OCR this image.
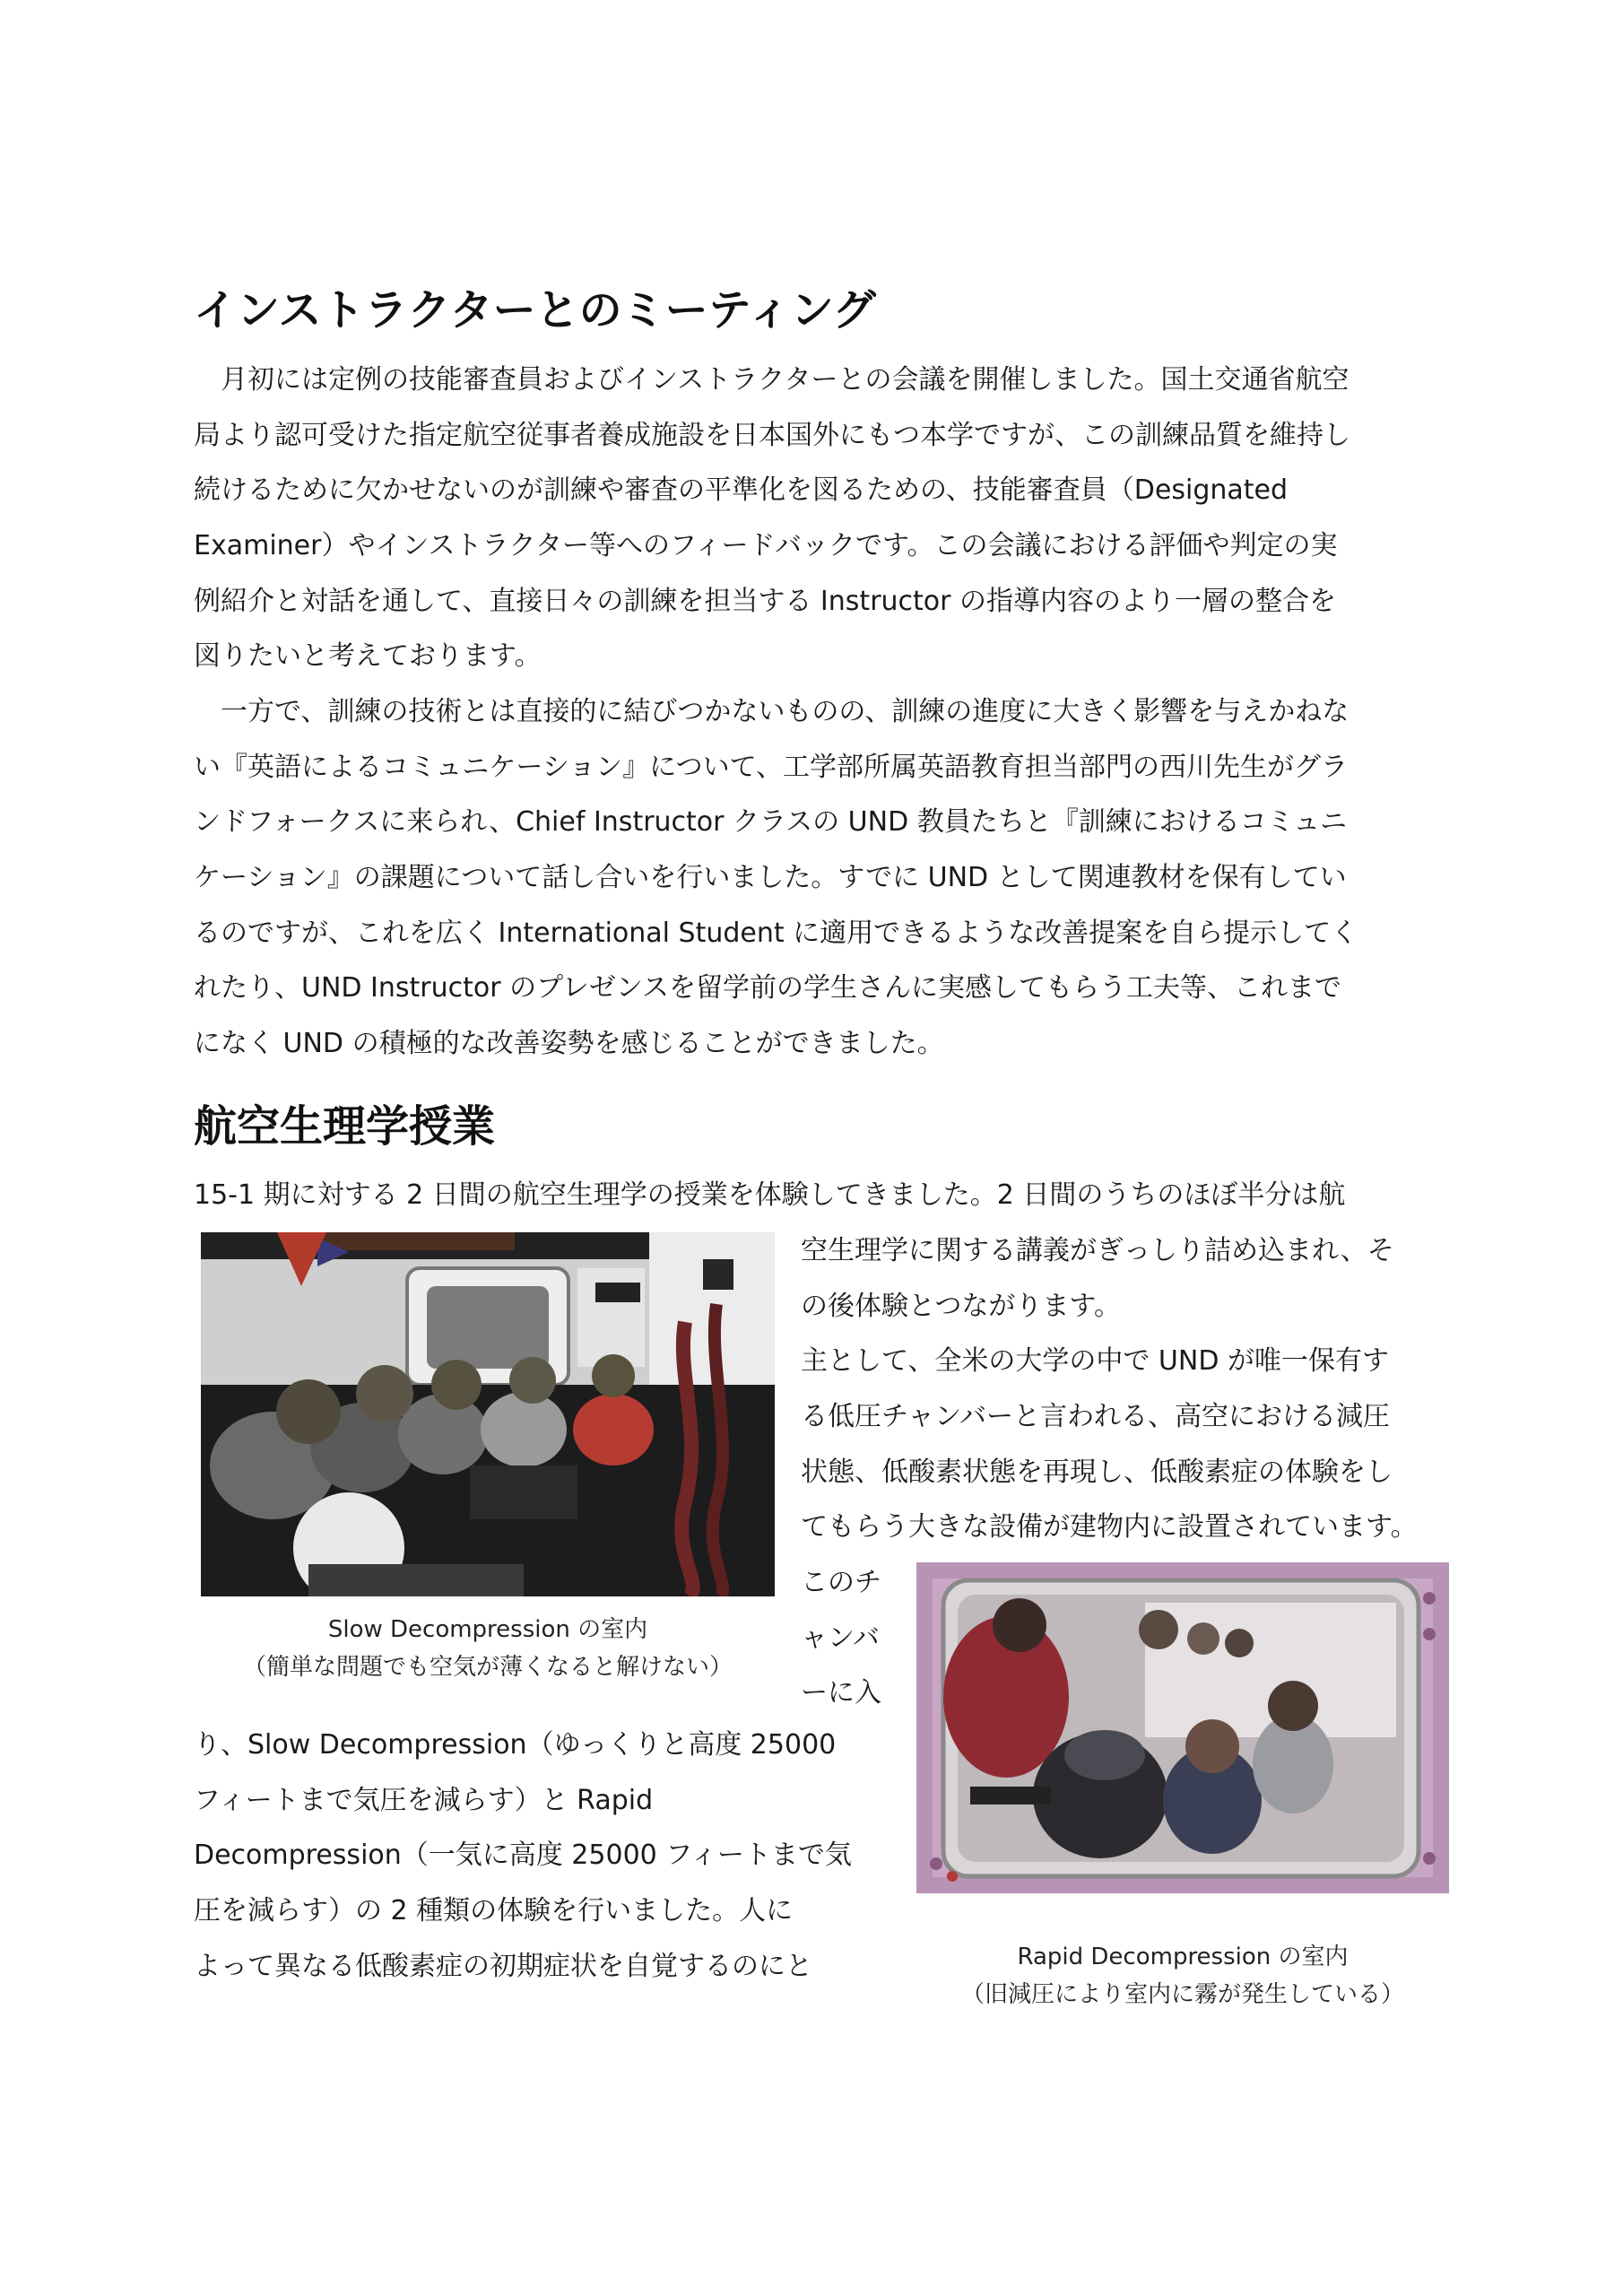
インストラクターとのミーティング
　月初には定例の技能審査員およびインストラクターとの会議を開催しました。国土交通省航空
局より認可受けた指定航空従事者養成施設を日本国外にもつ本学ですが、この訓練品質を維持し
続けるために欠かせないのが訓練や審査の平準化を図るための、技能審査員（Designated
Examiner）やインストラクター等へのフィードバックです。この会議における評価や判定の実
例紹介と対話を通して、直接日々の訓練を担当する Instructor の指導内容のより一層の整合を
図りたいと考えております。
　一方で、訓練の技術とは直接的に結びつかないものの、訓練の進度に大きく影響を与えかねな
い『英語によるコミュニケーション』について、工学部所属英語教育担当部門の西川先生がグラ
ンドフォークスに来られ、Chief Instructor クラスの UND 教員たちと『訓練におけるコミュニ
ケーション』の課題について話し合いを行いました。すでに UND として関連教材を保有してい
るのですが、これを広く International Student に適用できるような改善提案を自ら提示してく
れたり、UND Instructor のプレゼンスを留学前の学生さんに実感してもらう工夫等、これまで
になく UND の積極的な改善姿勢を感じることができました。
航空生理学授業
15-1 期に対する 2 日間の航空生理学の授業を体験してきました。2 日間のうちのほぼ半分は航
Slow Decompression の室内
（簡単な問題でも空気が薄くなると解けない）
空生理学に関する講義がぎっしり詰め込まれ、そ
の後体験とつながります。
主として、全米の大学の中で UND が唯一保有す
る低圧チャンバーと言われる、高空における減圧
状態、低酸素状態を再現し、低酸素症の体験をし
てもらう大きな設備が建物内に設置されています。
このチ
ャンバ
ーに入
Rapid Decompression の室内
（旧減圧により室内に霧が発生している）
り、Slow Decompression（ゆっくりと高度 25000
フィートまで気圧を減らす）と Rapid
Decompression（一気に高度 25000 フィートまで気
圧を減らす）の 2 種類の体験を行いました。人に
よって異なる低酸素症の初期症状を自覚するのにと
